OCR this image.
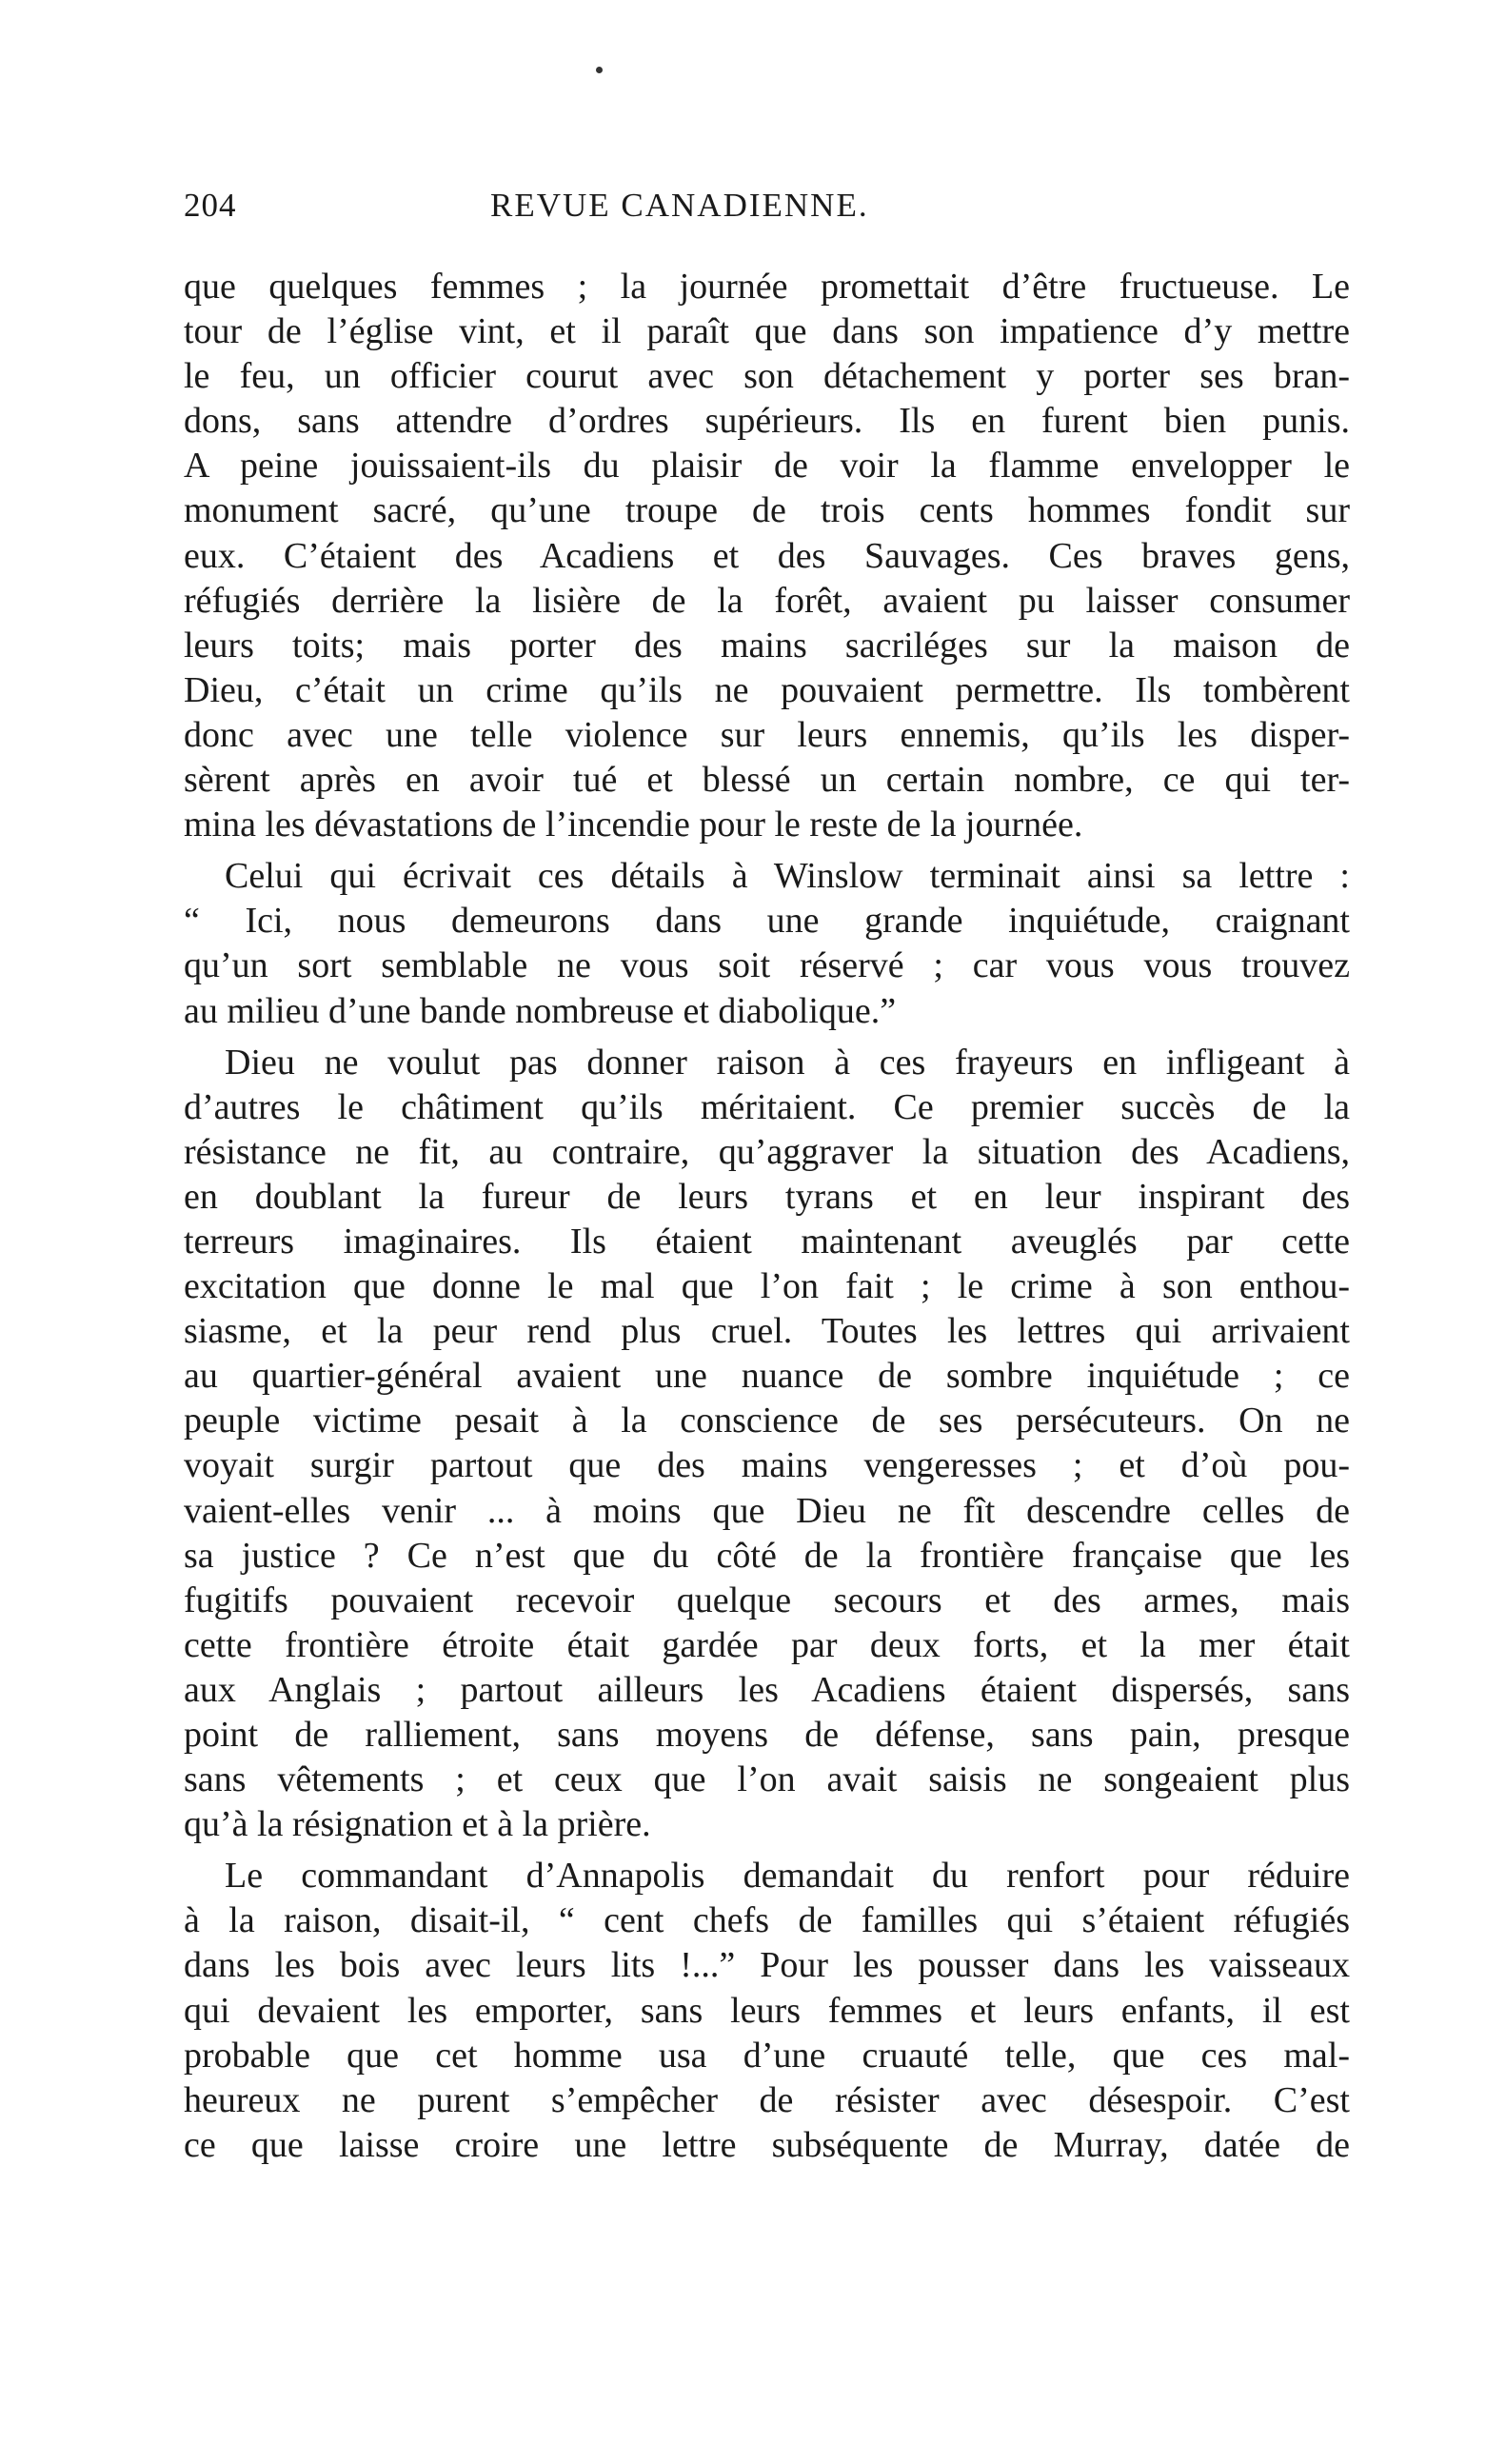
204	REVUE CANADIENNE.
que quelques femmes ; la journée promettait d’être fructueuse. Le
tour de l’église vint, et il paraît que dans son impatience d’y mettre
le feu, un officier courut avec son détachement y porter ses bran-
dons, sans attendre d’ordres supérieurs. Ils en furent bien punis.
A peine jouissaient-ils du plaisir de voir la flamme envelopper le
monument sacré, qu’une troupe de trois cents hommes fondit sur
eux. C’étaient des Acadiens et des Sauvages. Ces braves gens,
réfugiés derrière la lisière de la forêt, avaient pu laisser consumer
leurs toits; mais porter des mains sacriléges sur la maison de
Dieu, c’était un crime qu’ils ne pouvaient permettre. Ils tombèrent
donc avec une telle violence sur leurs ennemis, qu’ils les disper-
sèrent après en avoir tué et blessé un certain nombre, ce qui ter-
mina les dévastations de l’incendie pour le reste de la journée.
Celui qui écrivait ces détails à Winslow terminait ainsi sa lettre :
“ Ici, nous demeurons dans une grande inquiétude, craignant
qu’un sort semblable ne vous soit réservé ; car vous vous trouvez
au milieu d’une bande nombreuse et diabolique.”
Dieu ne voulut pas donner raison à ces frayeurs en infligeant à
d’autres le châtiment qu’ils méritaient. Ce premier succès de la
résistance ne fit, au contraire, qu’aggraver la situation des Acadiens,
en doublant la fureur de leurs tyrans et en leur inspirant des
terreurs imaginaires. Ils étaient maintenant aveuglés par cette
excitation que donne le mal que l’on fait ; le crime à son enthou-
siasme, et la peur rend plus cruel. Toutes les lettres qui arrivaient
au quartier-général avaient une nuance de sombre inquiétude ; ce
peuple victime pesait à la conscience de ses persécuteurs. On ne
voyait surgir partout que des mains vengeresses ; et d’où pou-
vaient-elles venir ... à moins que Dieu ne fît descendre celles de
sa justice ? Ce n’est que du côté de la frontière française que les
fugitifs pouvaient recevoir quelque secours et des armes, mais
cette frontière étroite était gardée par deux forts, et la mer était
aux Anglais ; partout ailleurs les Acadiens étaient dispersés, sans
point de ralliement, sans moyens de défense, sans pain, presque
sans vêtements ; et ceux que l’on avait saisis ne songeaient plus
qu’à la résignation et à la prière.
Le commandant d’Annapolis demandait du renfort pour réduire
à la raison, disait-il, “ cent chefs de familles qui s’étaient réfugiés
dans les bois avec leurs lits !...” Pour les pousser dans les vaisseaux
qui devaient les emporter, sans leurs femmes et leurs enfants, il est
probable que cet homme usa d’une cruauté telle, que ces mal-
heureux ne purent s’empêcher de résister avec désespoir. C’est
ce que laisse croire une lettre subséquente de Murray, datée de
